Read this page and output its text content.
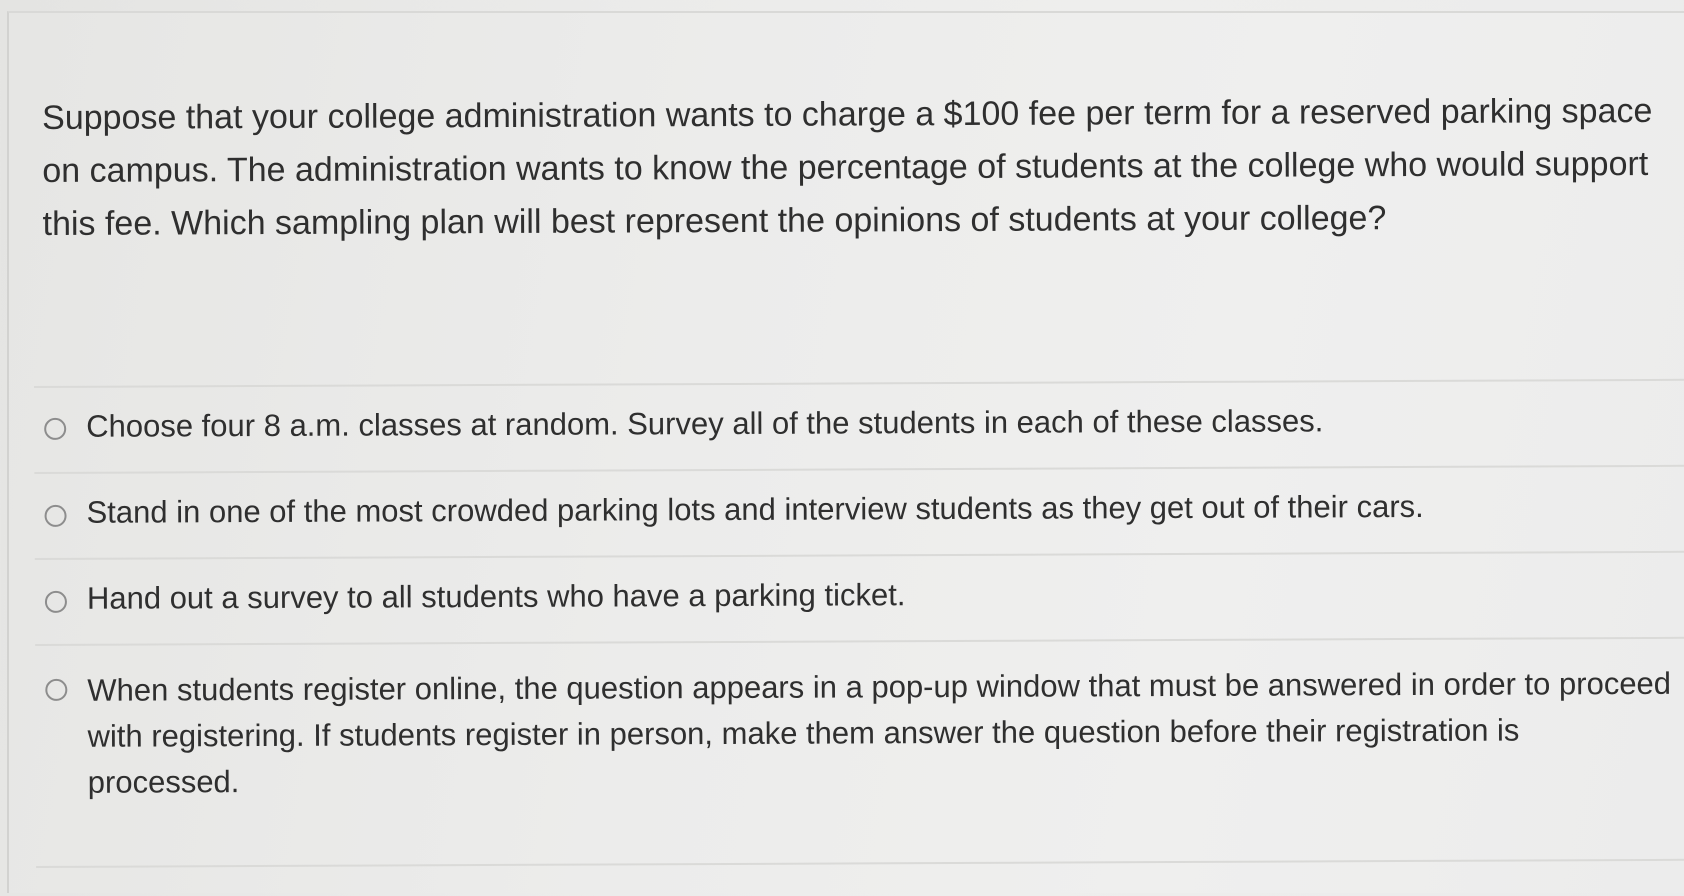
Suppose that your college administration wants to charge a $100 fee per term for a reserved parking space on campus. The administration wants to know the percentage of students at the college who would support this fee. Which sampling plan will best represent the opinions of students at your college?

Choose four 8 a.m. classes at random. Survey all of the students in each of these classes.
Stand in one of the most crowded parking lots and interview students as they get out of their cars.
Hand out a survey to all students who have a parking ticket.
When students register online, the question appears in a pop-up window that must be answered in order to proceed with registering. If students register in person, make them answer the question before their registration is processed.
